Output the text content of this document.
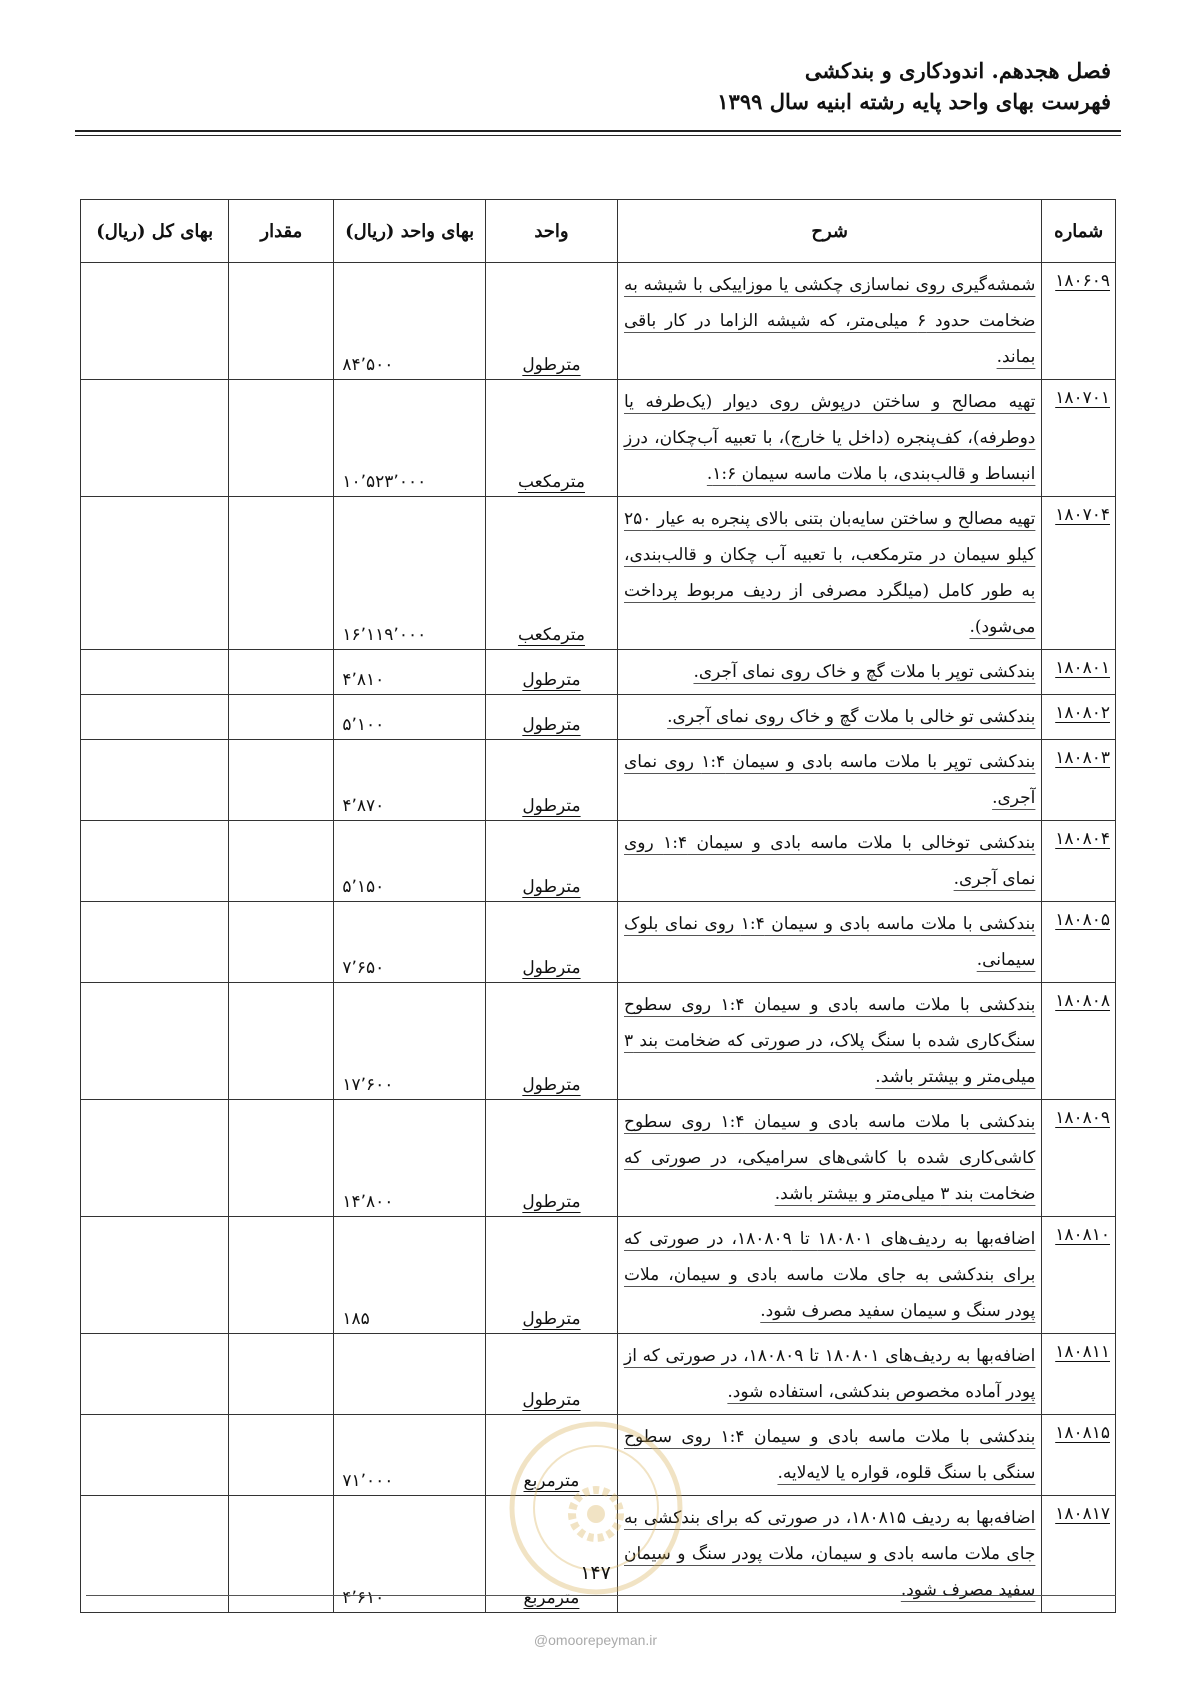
فصل هجدهم. اندودکاری و بندکشی
فهرست بهای واحد پایه رشته ابنیه سال ۱۳۹۹
شماره	شرح	واحد	بهای واحد (ریال)	مقدار	بهای کل (ریال)
۱۸۰۶۰۹	شمشه‌گیری روی نماسازی چکشی یا موزاییکی با شیشه به ضخامت حدود ۶ میلی‌متر، که شیشه الزاما در کار باقی بماند.	مترطول	۸۴٬۵۰۰		
۱۸۰۷۰۱	تهیه مصالح و ساختن درپوش روی دیوار (یک‌طرفه یا دوطرفه)، کف‌پنجره (داخل یا خارج)، با تعبیه آب‌چکان، درز انبساط و قالب‌بندی، با ملات ماسه سیمان ۱:۶.	مترمکعب	۱۰٬۵۲۳٬۰۰۰		
۱۸۰۷۰۴	تهیه مصالح و ساختن سایه‌بان بتنی بالای پنجره به عیار ۲۵۰ کیلو سیمان در مترمکعب، با تعبیه آب چکان و قالب‌بندی، به طور کامل (میلگرد مصرفی از ردیف مربوط پرداخت می‌شود).	مترمکعب	۱۶٬۱۱۹٬۰۰۰		
۱۸۰۸۰۱	بندکشی توپر با ملات گچ و خاک روی نمای آجری.	مترطول	۴٬۸۱۰		
۱۸۰۸۰۲	بندکشی تو خالی با ملات گچ و خاک روی نمای آجری.	مترطول	۵٬۱۰۰		
۱۸۰۸۰۳	بندکشی توپر با ملات ماسه بادی و سیمان ۱:۴ روی نمای آجری.	مترطول	۴٬۸۷۰		
۱۸۰۸۰۴	بندکشی توخالی با ملات ماسه بادی و سیمان ۱:۴ روی نمای آجری.	مترطول	۵٬۱۵۰		
۱۸۰۸۰۵	بندکشی با ملات ماسه بادی و سیمان ۱:۴ روی نمای بلوک سیمانی.	مترطول	۷٬۶۵۰		
۱۸۰۸۰۸	بندکشی با ملات ماسه بادی و سیمان ۱:۴ روی سطوح سنگ‌کاری شده با سنگ پلاک، در صورتی که ضخامت بند ۳ میلی‌متر و بیشتر باشد.	مترطول	۱۷٬۶۰۰		
۱۸۰۸۰۹	بندکشی با ملات ماسه بادی و سیمان ۱:۴ روی سطوح کاشی‌کاری شده با کاشی‌های سرامیکی، در صورتی که ضخامت بند ۳ میلی‌متر و بیشتر باشد.	مترطول	۱۴٬۸۰۰		
۱۸۰۸۱۰	اضافه‌بها به ردیف‌های ۱۸۰۸۰۱ تا ۱۸۰۸۰۹، در صورتی که برای بندکشی به جای ملات ماسه بادی و سیمان، ملات پودر سنگ و سیمان سفید مصرف شود.	مترطول	۱۸۵		
۱۸۰۸۱۱	اضافه‌بها به ردیف‌های ۱۸۰۸۰۱ تا ۱۸۰۸۰۹، در صورتی که از پودر آماده مخصوص بندکشی، استفاده شود.	مترطول			
۱۸۰۸۱۵	بندکشی با ملات ماسه بادی و سیمان ۱:۴ روی سطوح سنگی با سنگ قلوه، قواره یا لایه‌لایه.	مترمربع	۷۱٬۰۰۰		
۱۸۰۸۱۷	اضافه‌بها به ردیف ۱۸۰۸۱۵، در صورتی که برای بندکشی به جای ملات ماسه بادی و سیمان، ملات پودر سنگ و سیمان سفید مصرف شود.	مترمربع	۴٬۶۱۰		
۱۴۷
@omoorepeyman.ir
